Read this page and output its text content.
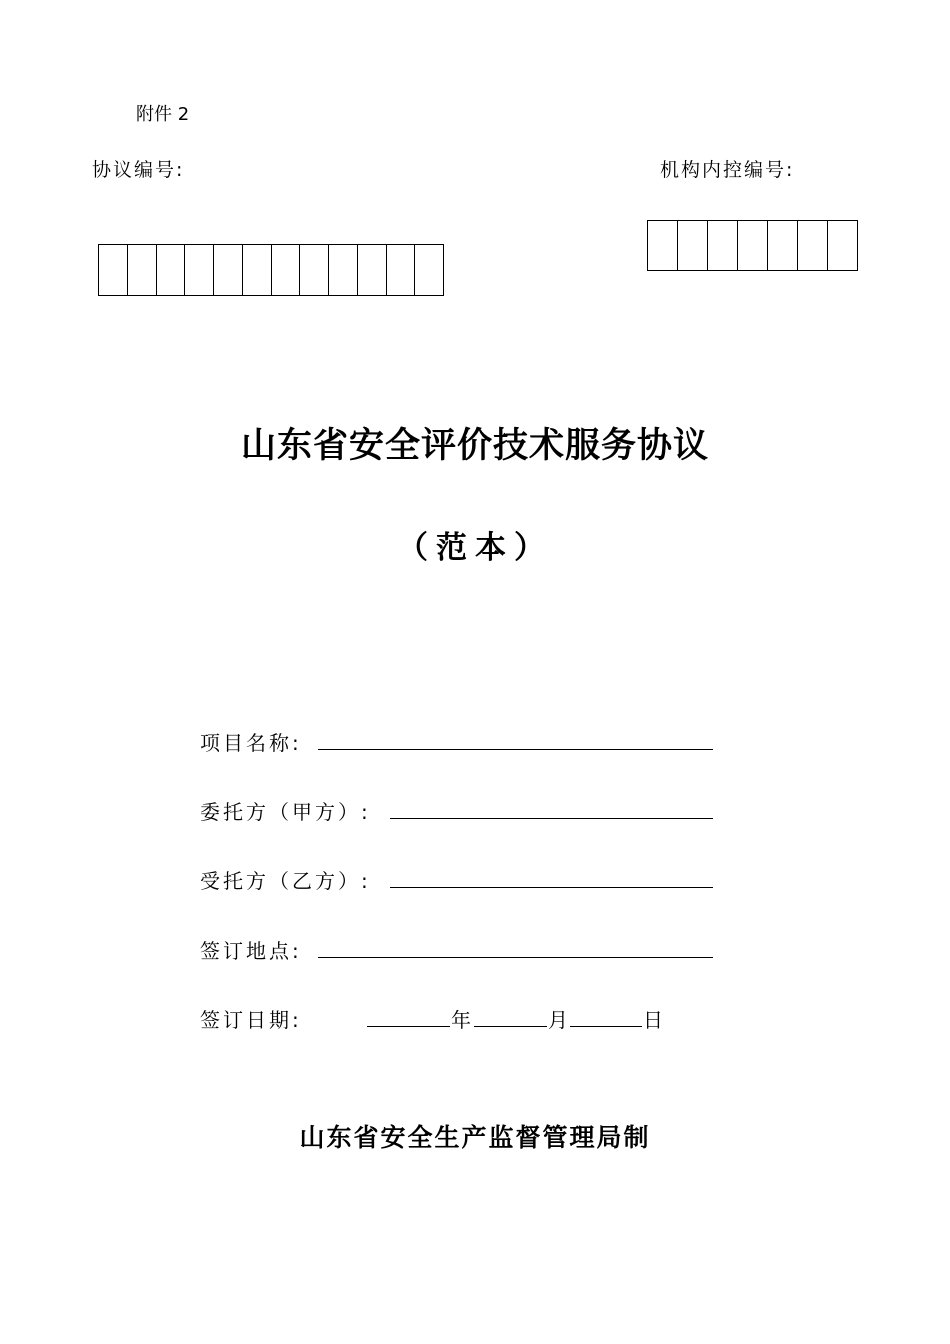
附件 2
协议编号:	机构内控编号:
山东省安全评价技术服务协议
（范本）
项目名称:
委托方（甲方）:
受托方（乙方）:
签订地点:
签订日期:	年	月	日
山东省安全生产监督管理局制
